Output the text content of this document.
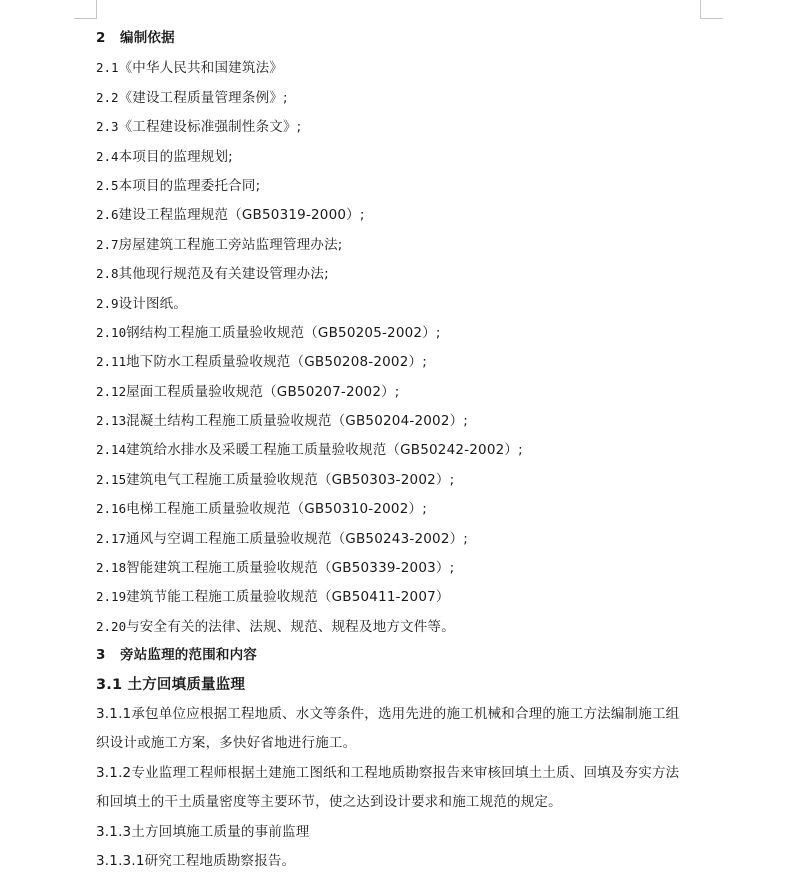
2 编制依据
2.1《中华人民共和国建筑法》
2.2《建设工程质量管理条例》;
2.3《工程建设标准强制性条文》;
2.4本项目的监理规划;
2.5本项目的监理委托合同;
2.6建设工程监理规范（GB50319-2000）;
2.7房屋建筑工程施工旁站监理管理办法;
2.8其他现行规范及有关建设管理办法;
2.9设计图纸。
2.10钢结构工程施工质量验收规范（GB50205-2002）;
2.11地下防水工程质量验收规范（GB50208-2002）;
2.12屋面工程质量验收规范（GB50207-2002）;
2.13混凝土结构工程施工质量验收规范（GB50204-2002）;
2.14建筑给水排水及采暖工程施工质量验收规范（GB50242-2002）;
2.15建筑电气工程施工质量验收规范（GB50303-2002）;
2.16电梯工程施工质量验收规范（GB50310-2002）;
2.17通风与空调工程施工质量验收规范（GB50243-2002）;
2.18智能建筑工程施工质量验收规范（GB50339-2003）;
2.19建筑节能工程施工质量验收规范（GB50411-2007）
2.20与安全有关的法律、法规、规范、规程及地方文件等。
3 旁站监理的范围和内容
3.1 土方回填质量监理
3.1.1承包单位应根据工程地质、水文等条件，选用先进的施工机械和合理的施工方法编制施工组
织设计或施工方案，多快好省地进行施工。
3.1.2专业监理工程师根据土建施工图纸和工程地质勘察报告来审核回填土土质、回填及夯实方法
和回填土的干土质量密度等主要环节，使之达到设计要求和施工规范的规定。
3.1.3土方回填施工质量的事前监理
3.1.3.1研究工程地质勘察报告。
